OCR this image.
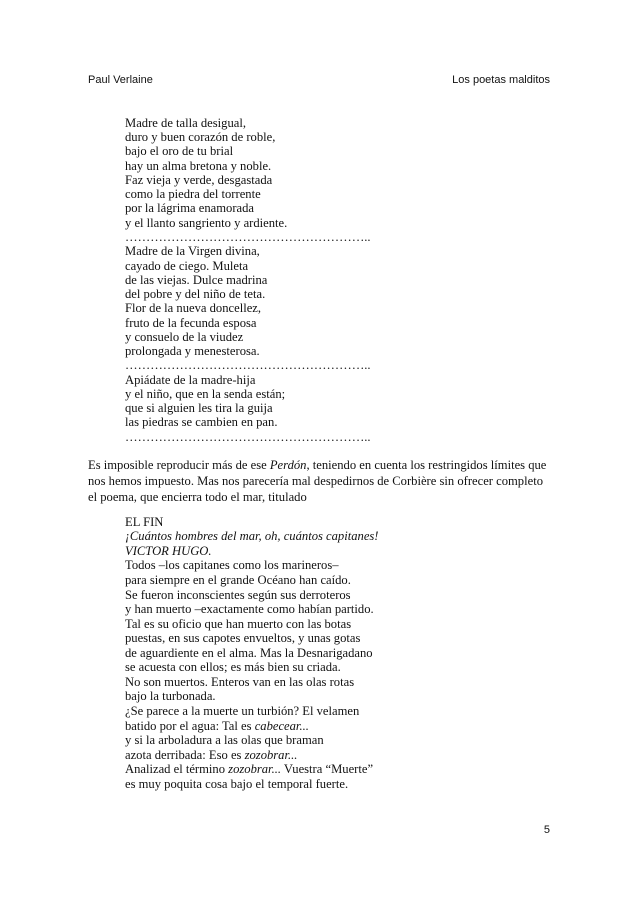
Paul Verlaine	Los poetas malditos
Madre de talla desigual,
duro y buen corazón de roble,
bajo el oro de tu brial
hay un alma bretona y noble.
Faz vieja y verde, desgastada
como la piedra del torrente
por la lágrima enamorada
y el llanto sangriento y ardiente.
…………………………………………………..
Madre de la Virgen divina,
cayado de ciego. Muleta
de las viejas. Dulce madrina
del pobre y del niño de teta.
Flor de la nueva doncellez,
fruto de la fecunda esposa
y consuelo de la viudez
prolongada y menesterosa.
…………………………………………………..
Apiádate de la madre-hija
y el niño, que en la senda están;
que si alguien les tira la guija
las piedras se cambien en pan.
…………………………………………………..
Es imposible reproducir más de ese Perdón, teniendo en cuenta los restringidos límites que
nos hemos impuesto. Mas nos parecería mal despedirnos de Corbière sin ofrecer completo
el poema, que encierra todo el mar, titulado
EL FIN
¡Cuántos hombres del mar, oh, cuántos capitanes!
VICTOR HUGO.
Todos –los capitanes como los marineros–
para siempre en el grande Océano han caído.
Se fueron inconscientes según sus derroteros
y han muerto –exactamente como habían partido.
Tal es su oficio que han muerto con las botas
puestas, en sus capotes envueltos, y unas gotas
de aguardiente en el alma. Mas la Desnarigadano
se acuesta con ellos; es más bien su criada.
No son muertos. Enteros van en las olas rotas
bajo la turbonada.
¿Se parece a la muerte un turbión? El velamen
batido por el agua: Tal es cabecear...
y si la arboladura a las olas que braman
azota derribada: Eso es zozobrar...
Analizad el término zozobrar... Vuestra “Muerte”
es muy poquita cosa bajo el temporal fuerte.
5
